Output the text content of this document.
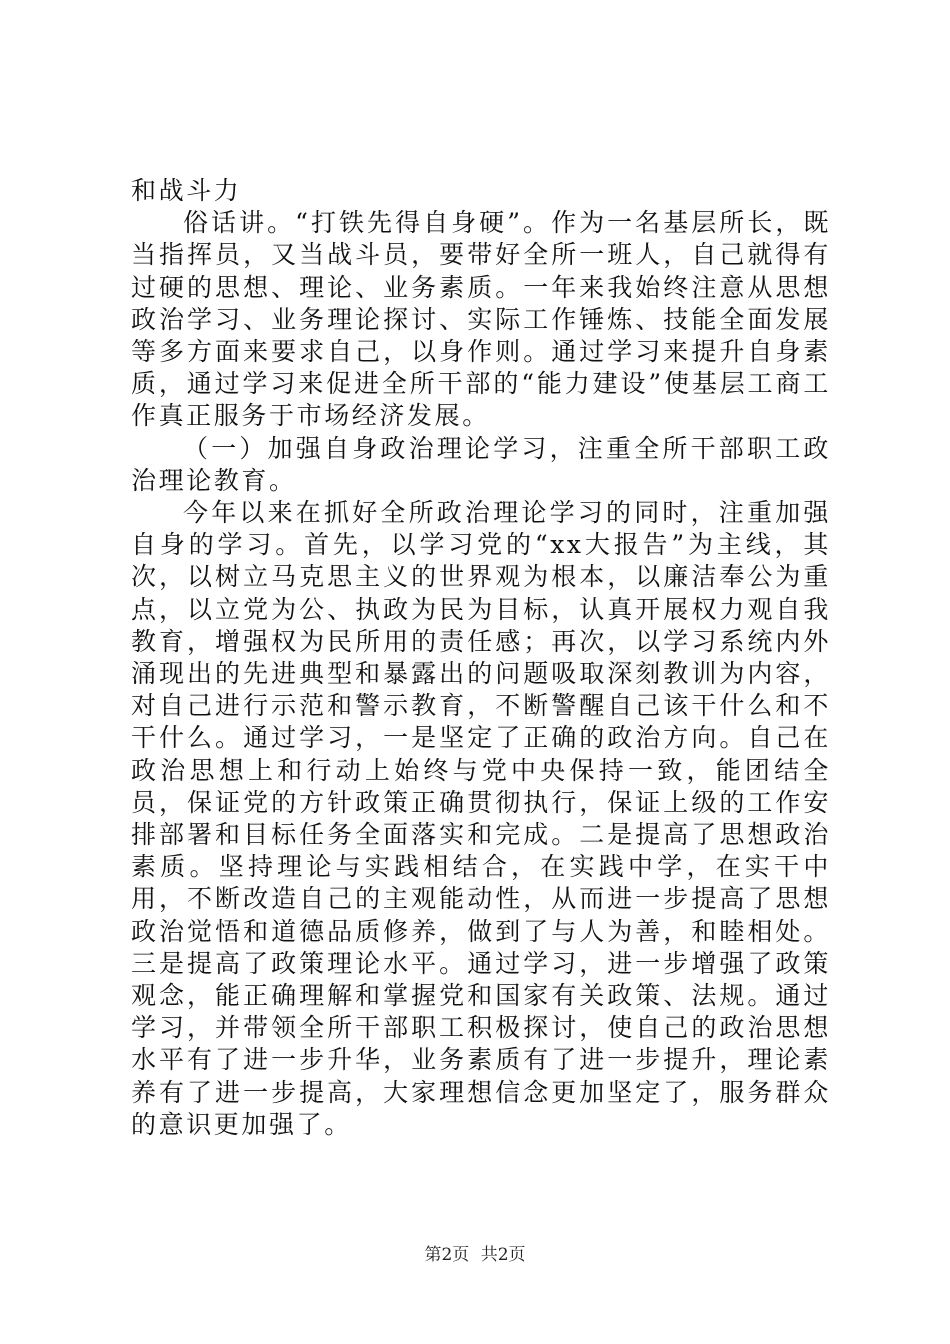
和战斗力

俗话讲。“打铁先得自身硬”。作为一名基层所长，既当指挥员，又当战斗员，要带好全所一班人，自己就得有过硬的思想、理论、业务素质。一年来我始终注意从思想政治学习、业务理论探讨、实际工作锤炼、技能全面发展等多方面来要求自己，以身作则。通过学习来提升自身素质，通过学习来促进全所干部的“能力建设”使基层工商工作真正服务于市场经济发展。

（一）加强自身政治理论学习，注重全所干部职工政治理论教育。

今年以来在抓好全所政治理论学习的同时，注重加强自身的学习。首先，以学习党的“xx大报告”为主线，其次，以树立马克思主义的世界观为根本，以廉洁奉公为重点，以立党为公、执政为民为目标，认真开展权力观自我教育，增强权为民所用的责任感；再次，以学习系统内外涌现出的先进典型和暴露出的问题吸取深刻教训为内容，对自己进行示范和警示教育，不断警醒自己该干什么和不干什么。通过学习，一是坚定了正确的政治方向。自己在政治思想上和行动上始终与党中央保持一致，能团结全员，保证党的方针政策正确贯彻执行，保证上级的工作安排部署和目标任务全面落实和完成。二是提高了思想政治素质。坚持理论与实践相结合，在实践中学，在实干中用，不断改造自己的主观能动性，从而进一步提高了思想政治觉悟和道德品质修养，做到了与人为善，和睦相处。三是提高了政策理论水平。通过学习，进一步增强了政策观念，能正确理解和掌握党和国家有关政策、法规。通过学习，并带领全所干部职工积极探讨，使自己的政治思想水平有了进一步升华，业务素质有了进一步提升，理论素养有了进一步提高，大家理想信念更加坚定了，服务群众的意识更加强了。

第2页 共2页
